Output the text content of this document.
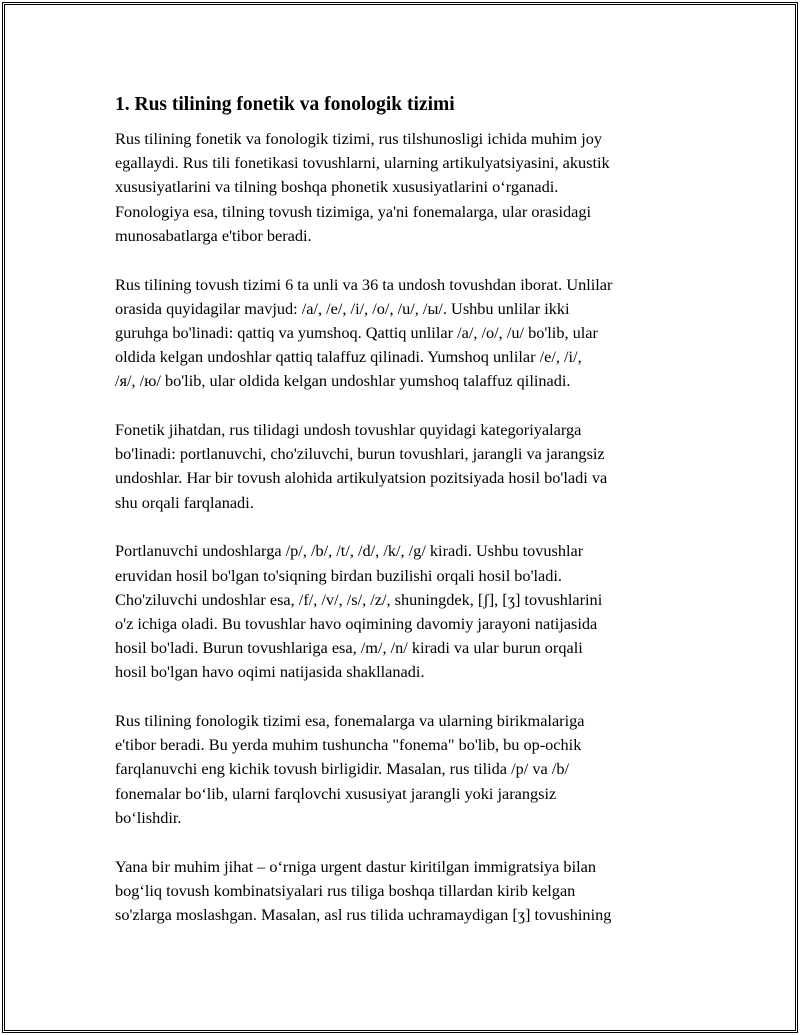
1. Rus tilining fonetik va fonologik tizimi

Rus tilining fonetik va fonologik tizimi, rus tilshunosligi ichida muhim joy
egallaydi. Rus tili fonetikasi tovushlarni, ularning artikulyatsiyasini, akustik
xususiyatlarini va tilning boshqa phonetik xususiyatlarini o‘rganadi.
Fonologiya esa, tilning tovush tizimiga, ya'ni fonemalarga, ular orasidagi
munosabatlarga e'tibor beradi.

Rus tilining tovush tizimi 6 ta unli va 36 ta undosh tovushdan iborat. Unlilar
orasida quyidagilar mavjud: /a/, /e/, /i/, /o/, /u/, /ы/. Ushbu unlilar ikki
guruhga bo'linadi: qattiq va yumshoq. Qattiq unlilar /a/, /o/, /u/ bo'lib, ular
oldida kelgan undoshlar qattiq talaffuz qilinadi. Yumshoq unlilar /e/, /i/,
/я/, /ю/ bo'lib, ular oldida kelgan undoshlar yumshoq talaffuz qilinadi.

Fonetik jihatdan, rus tilidagi undosh tovushlar quyidagi kategoriyalarga
bo'linadi: portlanuvchi, cho'ziluvchi, burun tovushlari, jarangli va jarangsiz
undoshlar. Har bir tovush alohida artikulyatsion pozitsiyada hosil bo'ladi va
shu orqali farqlanadi.

Portlanuvchi undoshlarga /p/, /b/, /t/, /d/, /k/, /g/ kiradi. Ushbu tovushlar
eruvidan hosil bo'lgan to'siqning birdan buzilishi orqali hosil bo'ladi.
Cho'ziluvchi undoshlar esa, /f/, /v/, /s/, /z/, shuningdek, [ʃ], [ʒ] tovushlarini
o'z ichiga oladi. Bu tovushlar havo oqimining davomiy jarayoni natijasida
hosil bo'ladi. Burun tovushlariga esa, /m/, /n/ kiradi va ular burun orqali
hosil bo'lgan havo oqimi natijasida shakllanadi.

Rus tilining fonologik tizimi esa, fonemalarga va ularning birikmalariga
e'tibor beradi. Bu yerda muhim tushuncha "fonema" bo'lib, bu op-ochik
farqlanuvchi eng kichik tovush birligidir. Masalan, rus tilida /p/ va /b/
fonemalar bo‘lib, ularni farqlovchi xususiyat jarangli yoki jarangsiz
bo‘lishdir.

Yana bir muhim jihat – o‘rniga urgent dastur kiritilgan immigratsiya bilan
bog‘liq tovush kombinatsiyalari rus tiliga boshqa tillardan kirib kelgan
so'zlarga moslashgan. Masalan, asl rus tilida uchramaydigan [ʒ] tovushining
